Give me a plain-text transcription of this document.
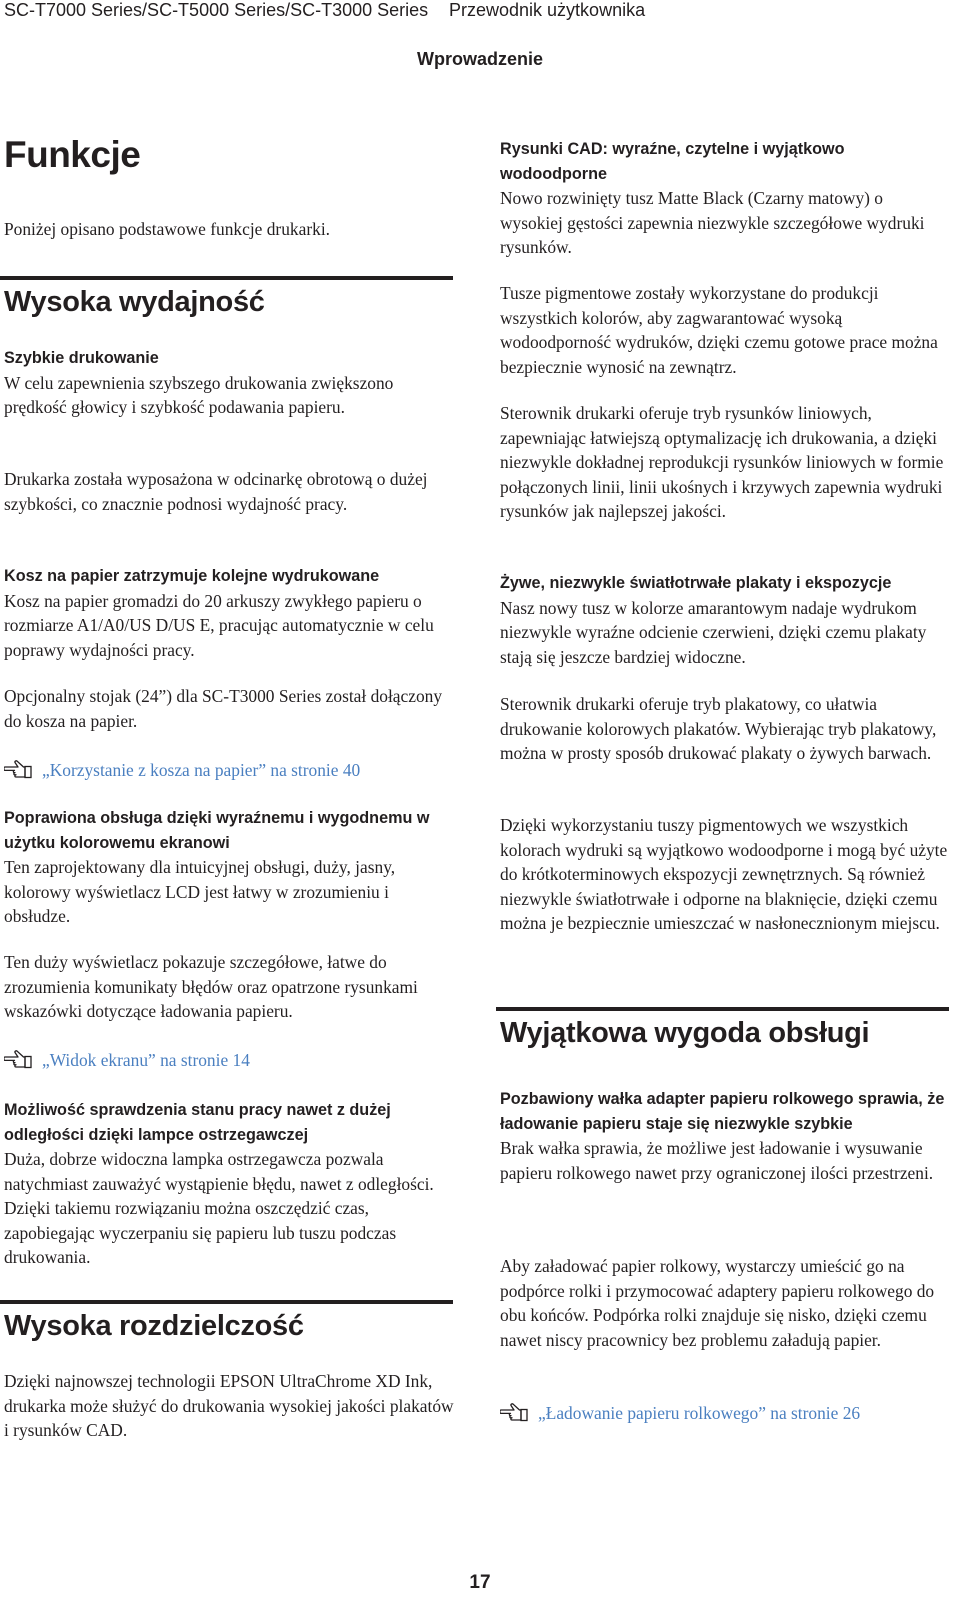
SC-T7000 Series/SC-T5000 Series/SC-T3000 Series Przewodnik użytkownika
Wprowadzenie
Funkcje

Poniżej opisano podstawowe funkcje drukarki.

Wysoka wydajność

Szybkie drukowanie

W celu zapewnienia szybszego drukowania zwiększono prędkość głowicy i szybkość podawania papieru.

Drukarka została wyposażona w odcinarkę obrotową o dużej szybkości, co znacznie podnosi wydajność pracy.

Kosz na papier zatrzymuje kolejne wydrukowane

Kosz na papier gromadzi do 20 arkuszy zwykłego papieru o rozmiarze A1/A0/US D/US E, pracując automatycznie w celu poprawy wydajności pracy.

Opcjonalny stojak (24”) dla SC-T3000 Series został dołączony do kosza na papier.

„Korzystanie z kosza na papier” na stronie 40

Poprawiona obsługa dzięki wyraźnemu i wygodnemu w użytku kolorowemu ekranowi

Ten zaprojektowany dla intuicyjnej obsługi, duży, jasny, kolorowy wyświetlacz LCD jest łatwy w zrozumieniu i obsłudze.

Ten duży wyświetlacz pokazuje szczegółowe, łatwe do zrozumienia komunikaty błędów oraz opatrzone rysunkami wskazówki dotyczące ładowania papieru.

„Widok ekranu” na stronie 14

Możliwość sprawdzenia stanu pracy nawet z dużej odległości dzięki lampce ostrzegawczej

Duża, dobrze widoczna lampka ostrzegawcza pozwala natychmiast zauważyć wystąpienie błędu, nawet z odległości. Dzięki takiemu rozwiązaniu można oszczędzić czas, zapobiegając wyczerpaniu się papieru lub tuszu podczas drukowania.

Wysoka rozdzielczość

Dzięki najnowszej technologii EPSON UltraChrome XD Ink, drukarka może służyć do drukowania wysokiej jakości plakatów i rysunków CAD.

Rysunki CAD: wyraźne, czytelne i wyjątkowo wodoodporne

Nowo rozwinięty tusz Matte Black (Czarny matowy) o wysokiej gęstości zapewnia niezwykle szczegółowe wydruki rysunków.

Tusze pigmentowe zostały wykorzystane do produkcji wszystkich kolorów, aby zagwarantować wysoką wodoodporność wydruków, dzięki czemu gotowe prace można bezpiecznie wynosić na zewnątrz.

Sterownik drukarki oferuje tryb rysunków liniowych, zapewniając łatwiejszą optymalizację ich drukowania, a dzięki niezwykle dokładnej reprodukcji rysunków liniowych w formie połączonych linii, linii ukośnych i krzywych zapewnia wydruki rysunków jak najlepszej jakości.

Żywe, niezwykle światłotrwałe plakaty i ekspozycje

Nasz nowy tusz w kolorze amarantowym nadaje wydrukom niezwykle wyraźne odcienie czerwieni, dzięki czemu plakaty stają się jeszcze bardziej widoczne.

Sterownik drukarki oferuje tryb plakatowy, co ułatwia drukowanie kolorowych plakatów. Wybierając tryb plakatowy, można w prosty sposób drukować plakaty o żywych barwach.

Dzięki wykorzystaniu tuszy pigmentowych we wszystkich kolorach wydruki są wyjątkowo wodoodporne i mogą być użyte do krótkoterminowych ekspozycji zewnętrznych. Są również niezwykle światłotrwałe i odporne na blaknięcie, dzięki czemu można je bezpiecznie umieszczać w nasłonecznionym miejscu.

Wyjątkowa wygoda obsługi

Pozbawiony wałka adapter papieru rolkowego sprawia, że ładowanie papieru staje się niezwykle szybkie

Brak wałka sprawia, że możliwe jest ładowanie i wysuwanie papieru rolkowego nawet przy ograniczonej ilości przestrzeni.

Aby załadować papier rolkowy, wystarczy umieścić go na podpórce rolki i przymocować adaptery papieru rolkowego do obu końców. Podpórka rolki znajduje się nisko, dzięki czemu nawet niscy pracownicy bez problemu załadują papier.

„Ładowanie papieru rolkowego” na stronie 26

17
